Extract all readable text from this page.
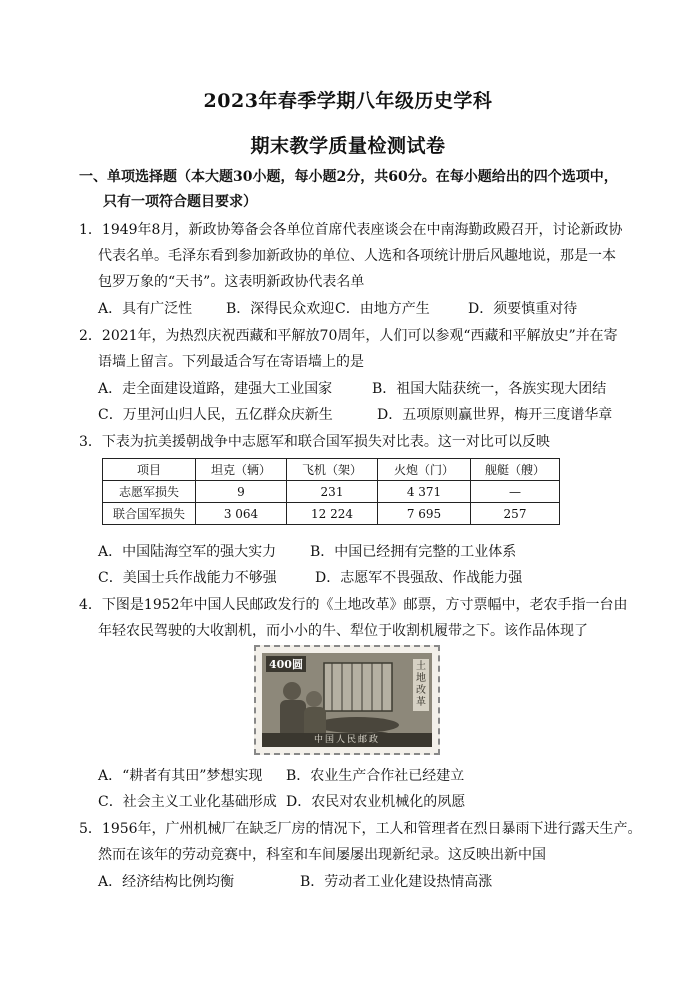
2023年春季学期八年级历史学科
期末教学质量检测试卷
一、单项选择题（本大题30小题，每小题2分，共60分。在每小题给出的四个选项中，
只有一项符合题目要求）
1．1949年8月，新政协筹备会各单位首席代表座谈会在中南海勤政殿召开，讨论新政协
代表名单。毛泽东看到参加新政协的单位、人选和各项统计册后风趣地说，那是一本
包罗万象的“天书”。这表明新政协代表名单
A．具有广泛性 B．深得民众欢迎 C．由地方产生	D．须要慎重对待
2．2021年，为热烈庆祝西藏和平解放70周年，人们可以参观“西藏和平解放史”并在寄
语墙上留言。下列最适合写在寄语墙上的是
A．走全面建设道路，建强大工业国家	B．祖国大陆获统一，各族实现大团结
C．万里河山归人民，五亿群众庆新生	D．五项原则赢世界，梅开三度谱华章
3．下表为抗美援朝战争中志愿军和联合国军损失对比表。这一对比可以反映
项目	坦克（辆）	飞机（架）	火炮（门）	舰艇（艘）
志愿军损失	9	231	4 371	—
联合国军损失	3 064	12 224	7 695	257
A．中国陆海空军的强大实力 B．中国已经拥有完整的工业体系
C．美国士兵作战能力不够强	D．志愿军不畏强敌、作战能力强
4．下图是1952年中国人民邮政发行的《土地改革》邮票，方寸票幅中，老农手指一台由
年轻农民驾驶的大收割机，而小小的牛、犁位于收割机履带之下。该作品体现了
400圆	土地改革
中国人民邮政
A．“耕者有其田”梦想实现 B．农业生产合作社已经建立
C．社会主义工业化基础形成 D．农民对农业机械化的夙愿
5．1956年，广州机械厂在缺乏厂房的情况下，工人和管理者在烈日暴雨下进行露天生产。
然而在该年的劳动竞赛中，科室和车间屡屡出现新纪录。这反映出新中国
A．经济结构比例均衡	B．劳动者工业化建设热情高涨
